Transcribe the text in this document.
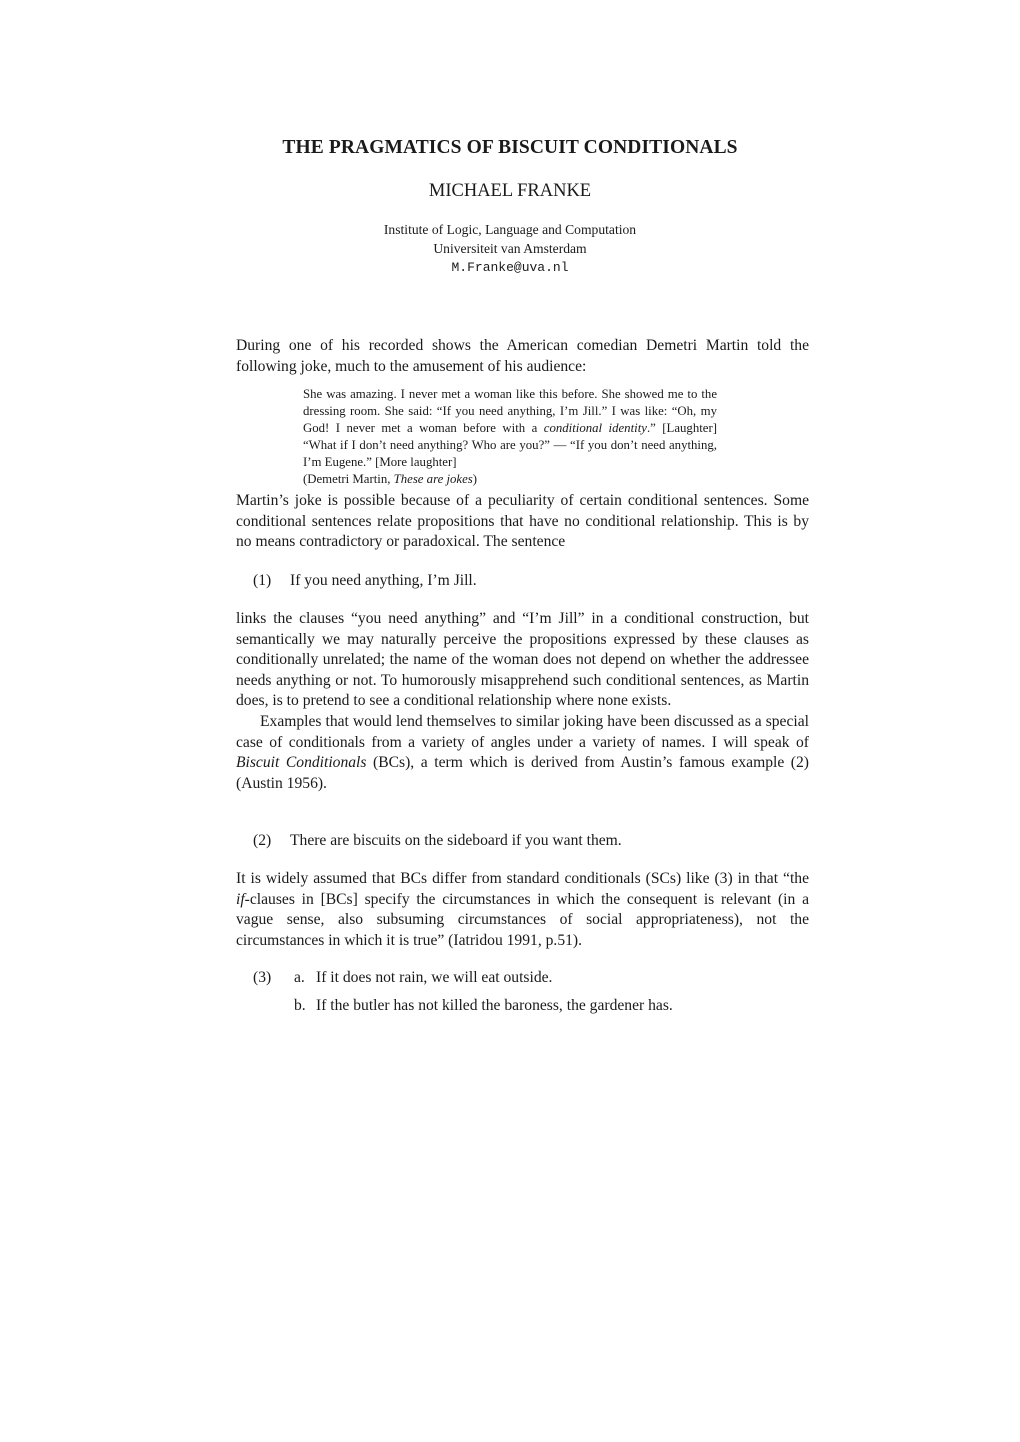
THE PRAGMATICS OF BISCUIT CONDITIONALS
MICHAEL FRANKE
Institute of Logic, Language and Computation
Universiteit van Amsterdam
M.Franke@uva.nl

During one of his recorded shows the American comedian Demetri Martin told the following joke, much to the amusement of his audience:

She was amazing. I never met a woman like this before. She showed me to the dressing room. She said: “If you need anything, I’m Jill.” I was like: “Oh, my God! I never met a woman before with a conditional identity.” [Laughter] “What if I don’t need anything? Who are you?” — “If you don’t need anything, I’m Eugene.” [More laughter]

(Demetri Martin, These are jokes)

Martin’s joke is possible because of a peculiarity of certain conditional sentences. Some conditional sentences relate propositions that have no conditional relationship. This is by no means contradictory or paradoxical. The sentence

(1) If you need anything, I’m Jill.

links the clauses “you need anything” and “I’m Jill” in a conditional construction, but semantically we may naturally perceive the propositions expressed by these clauses as conditionally unrelated; the name of the woman does not depend on whether the addressee needs anything or not. To humorously misapprehend such conditional sentences, as Martin does, is to pretend to see a conditional relationship where none exists.

Examples that would lend themselves to similar joking have been discussed as a special case of conditionals from a variety of angles under a variety of names. I will speak of Biscuit Conditionals (BCs), a term which is derived from Austin’s famous example (2) (Austin 1956).

(2) There are biscuits on the sideboard if you want them.

It is widely assumed that BCs differ from standard conditionals (SCs) like (3) in that “the if-clauses in [BCs] specify the circumstances in which the consequent is relevant (in a vague sense, also subsuming circumstances of social appropriateness), not the circumstances in which it is true” (Iatridou 1991, p.51).

(3) a. If it does not rain, we will eat outside.
b. If the butler has not killed the baroness, the gardener has.
